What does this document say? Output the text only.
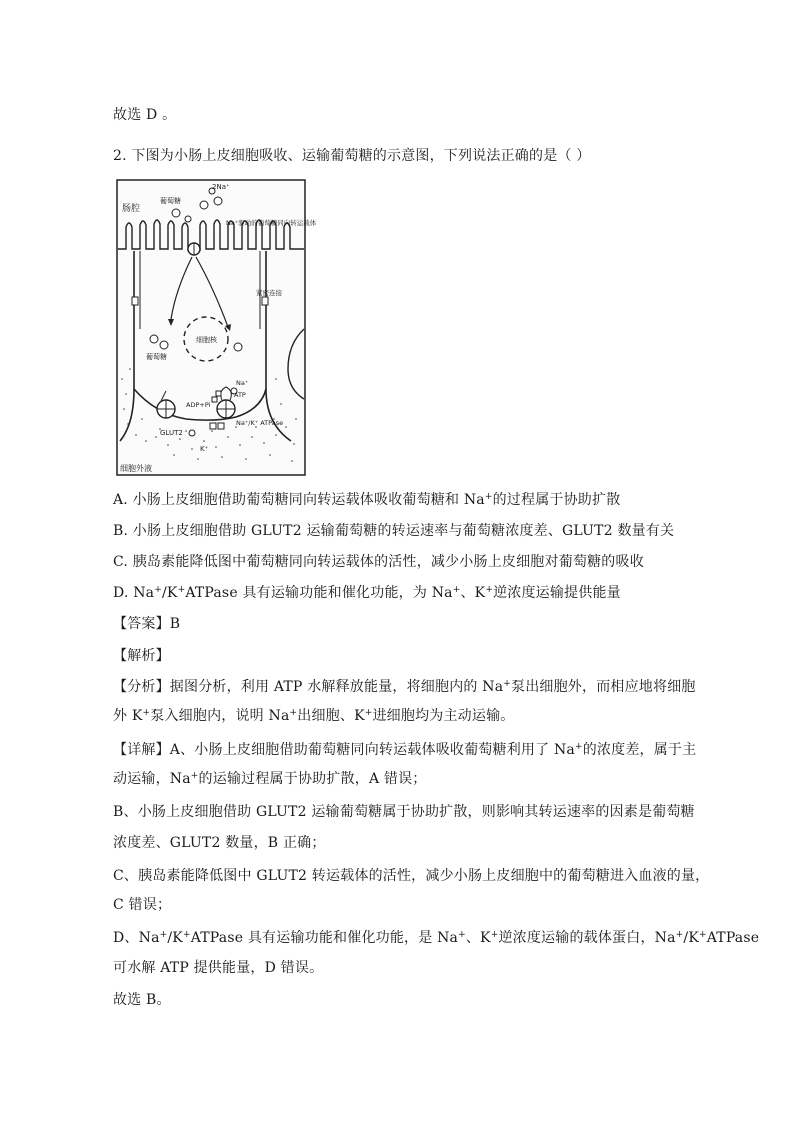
故选 D 。
2. 下图为小肠上皮细胞吸收、运输葡萄糖的示意图，下列说法正确的是（ ）
A. 小肠上皮细胞借助葡萄糖同向转运载体吸收葡萄糖和 Na+的过程属于协助扩散
B. 小肠上皮细胞借助 GLUT2 运输葡萄糖的转运速率与葡萄糖浓度差、GLUT2 数量有关
C. 胰岛素能降低图中葡萄糖同向转运载体的活性，减少小肠上皮细胞对葡萄糖的吸收
D. Na+/K+ATPase 具有运输功能和催化功能，为 Na+、K+逆浓度运输提供能量
【答案】B
【解析】
【分析】据图分析，利用 ATP 水解释放能量，将细胞内的 Na+泵出细胞外，而相应地将细胞
外 K+泵入细胞内，说明 Na+出细胞、K+进细胞均为主动运输。
【详解】A、小肠上皮细胞借助葡萄糖同向转运载体吸收葡萄糖利用了 Na+的浓度差，属于主
动运输，Na+的运输过程属于协助扩散，A 错误；
B、小肠上皮细胞借助 GLUT2 运输葡萄糖属于协助扩散，则影响其转运速率的因素是葡萄糖
浓度差、GLUT2 数量，B 正确；
C、胰岛素能降低图中 GLUT2 转运载体的活性，减少小肠上皮细胞中的葡萄糖进入血液的量，
C 错误；
D、Na+/K+ATPase 具有运输功能和催化功能，是 Na+、K+逆浓度运输的载体蛋白，Na+/K+ATPase
可水解 ATP 提供能量，D 错误。
故选 B。
肠腔
葡萄糖
2Na⁺
Na⁺驱动的葡萄糖同向转运载体
紧密连接
细胞核
葡萄糖
Na⁺
ATP
ADP+Pi
GLUT2
Na⁺/K⁺ ATPase
细胞外液
K⁺
